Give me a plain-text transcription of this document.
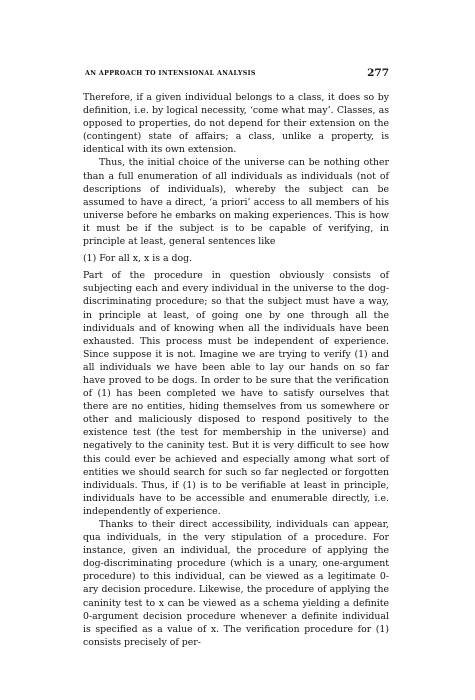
AN APPROACH TO INTENSIONAL ANALYSIS	277

Therefore, if a given individual belongs to a class, it does so by definition, i.e. by logical necessity, ‘come what may’. Classes, as opposed to properties, do not depend for their extension on the (contingent) state of affairs; a class, unlike a property, is identical with its own extension.

Thus, the initial choice of the universe can be nothing other than a full enumeration of all individuals as individuals (not of descriptions of individuals), whereby the subject can be assumed to have a direct, ‘a priori’ access to all members of his universe before he embarks on making experiences. This is how it must be if the subject is to be capable of verifying, in principle at least, general sentences like

(1) For all x, x is a dog.

Part of the procedure in question obviously consists of subjecting each and every individual in the universe to the dog-discriminating procedure; so that the subject must have a way, in principle at least, of going one by one through all the individuals and of knowing when all the individuals have been exhausted. This process must be independent of experience. Since suppose it is not. Imagine we are trying to verify (1) and all individuals we have been able to lay our hands on so far have proved to be dogs. In order to be sure that the verification of (1) has been completed we have to satisfy ourselves that there are no entities, hiding themselves from us somewhere or other and maliciously disposed to respond positively to the existence test (the test for membership in the universe) and negatively to the caninity test. But it is very difficult to see how this could ever be achieved and especially among what sort of entities we should search for such so far neglected or forgotten individuals. Thus, if (1) is to be verifiable at least in principle, individuals have to be accessible and enumerable directly, i.e. independently of experience.

Thanks to their direct accessibility, individuals can appear, qua individuals, in the very stipulation of a procedure. For instance, given an individual, the procedure of applying the dog-discriminating procedure (which is a unary, one-argument procedure) to this individual, can be viewed as a legitimate 0-ary decision procedure. Likewise, the procedure of applying the caninity test to x can be viewed as a schema yielding a definite 0-argument decision procedure whenever a definite individual is specified as a value of x. The verification procedure for (1) consists precisely of per-
